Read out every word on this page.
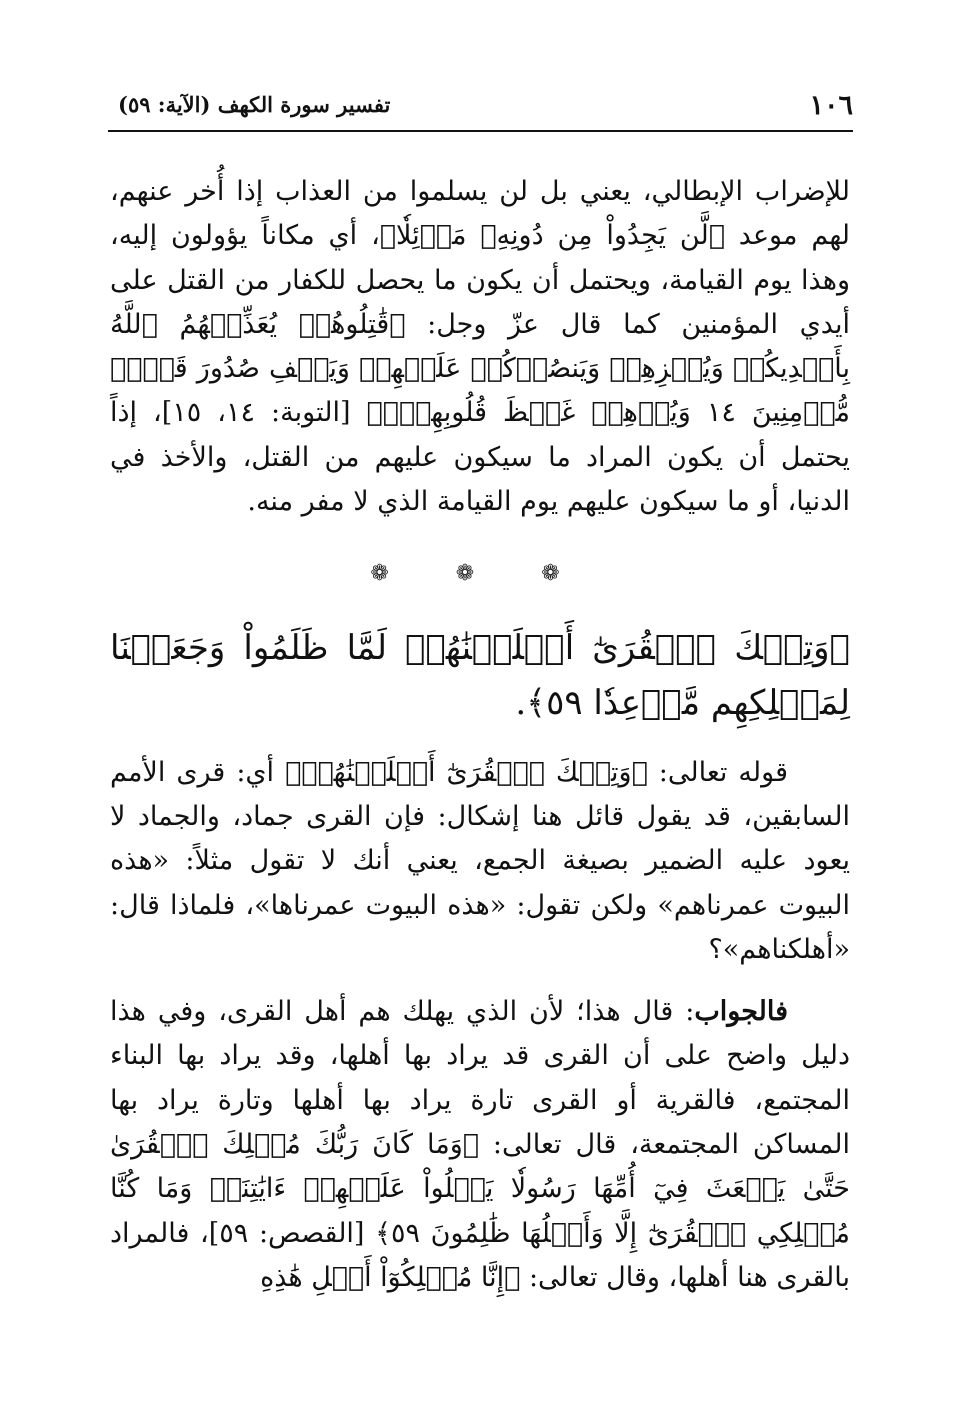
١٠٦
تفسير سورة الكهف (الآية: ٥٩)

للإضراب الإبطالي، يعني بل لن يسلموا من العذاب إذا أُخر عنهم، لهم موعد ﴿لَّن يَجِدُواْ مِن دُونِهِۦ مَوۡئِلٗا﴾، أي مكاناً يؤولون إليه، وهذا يوم القيامة، ويحتمل أن يكون ما يحصل للكفار من القتل على أيدي المؤمنين كما قال عزّ وجل: ﴿قَٰتِلُوهُمۡ يُعَذِّبۡهُمُ ٱللَّهُ بِأَيۡدِيكُمۡ وَيُخۡزِهِمۡ وَيَنصُرۡكُمۡ عَلَيۡهِمۡ وَيَشۡفِ صُدُورَ قَوۡمٖ مُّؤۡمِنِينَ ١٤ وَيُذۡهِبۡ غَيۡظَ قُلُوبِهِمۡۗ﴾ [التوبة: ١٤، ١٥]، إذاً يحتمل أن يكون المراد ما سيكون عليهم من القتل، والأخذ في الدنيا، أو ما سيكون عليهم يوم القيامة الذي لا مفر منه.

❁ ❁ ❁

﴿وَتِلۡكَ ٱلۡقُرَىٰٓ أَهۡلَكۡنَٰهُمۡ لَمَّا ظَلَمُواْ وَجَعَلۡنَا لِمَهۡلِكِهِم مَّوۡعِدٗا ٥٩﴾.

قوله تعالى: ﴿وَتِلۡكَ ٱلۡقُرَىٰٓ أَهۡلَكۡنَٰهُمۡ﴾ أي: قرى الأمم السابقين، قد يقول قائل هنا إشكال: فإن القرى جماد، والجماد لا يعود عليه الضمير بصيغة الجمع، يعني أنك لا تقول مثلاً: «هذه البيوت عمرناهم» ولكن تقول: «هذه البيوت عمرناها»، فلماذا قال: «أهلكناهم»؟

فالجواب: قال هذا؛ لأن الذي يهلك هم أهل القرى، وفي هذا دليل واضح على أن القرى قد يراد بها أهلها، وقد يراد بها البناء المجتمع، فالقرية أو القرى تارة يراد بها أهلها وتارة يراد بها المساكن المجتمعة، قال تعالى: ﴿وَمَا كَانَ رَبُّكَ مُهۡلِكَ ٱلۡقُرَىٰ حَتَّىٰ يَبۡعَثَ فِيٓ أُمِّهَا رَسُولٗا يَتۡلُواْ عَلَيۡهِمۡ ءَايَٰتِنَاۚ وَمَا كُنَّا مُهۡلِكِي ٱلۡقُرَىٰٓ إِلَّا وَأَهۡلُهَا ظَٰلِمُونَ ٥٩﴾ [القصص: ٥٩]، فالمراد بالقرى هنا أهلها، وقال تعالى: ﴿إِنَّا مُهۡلِكُوٓاْ أَهۡلِ هَٰذِهِ
